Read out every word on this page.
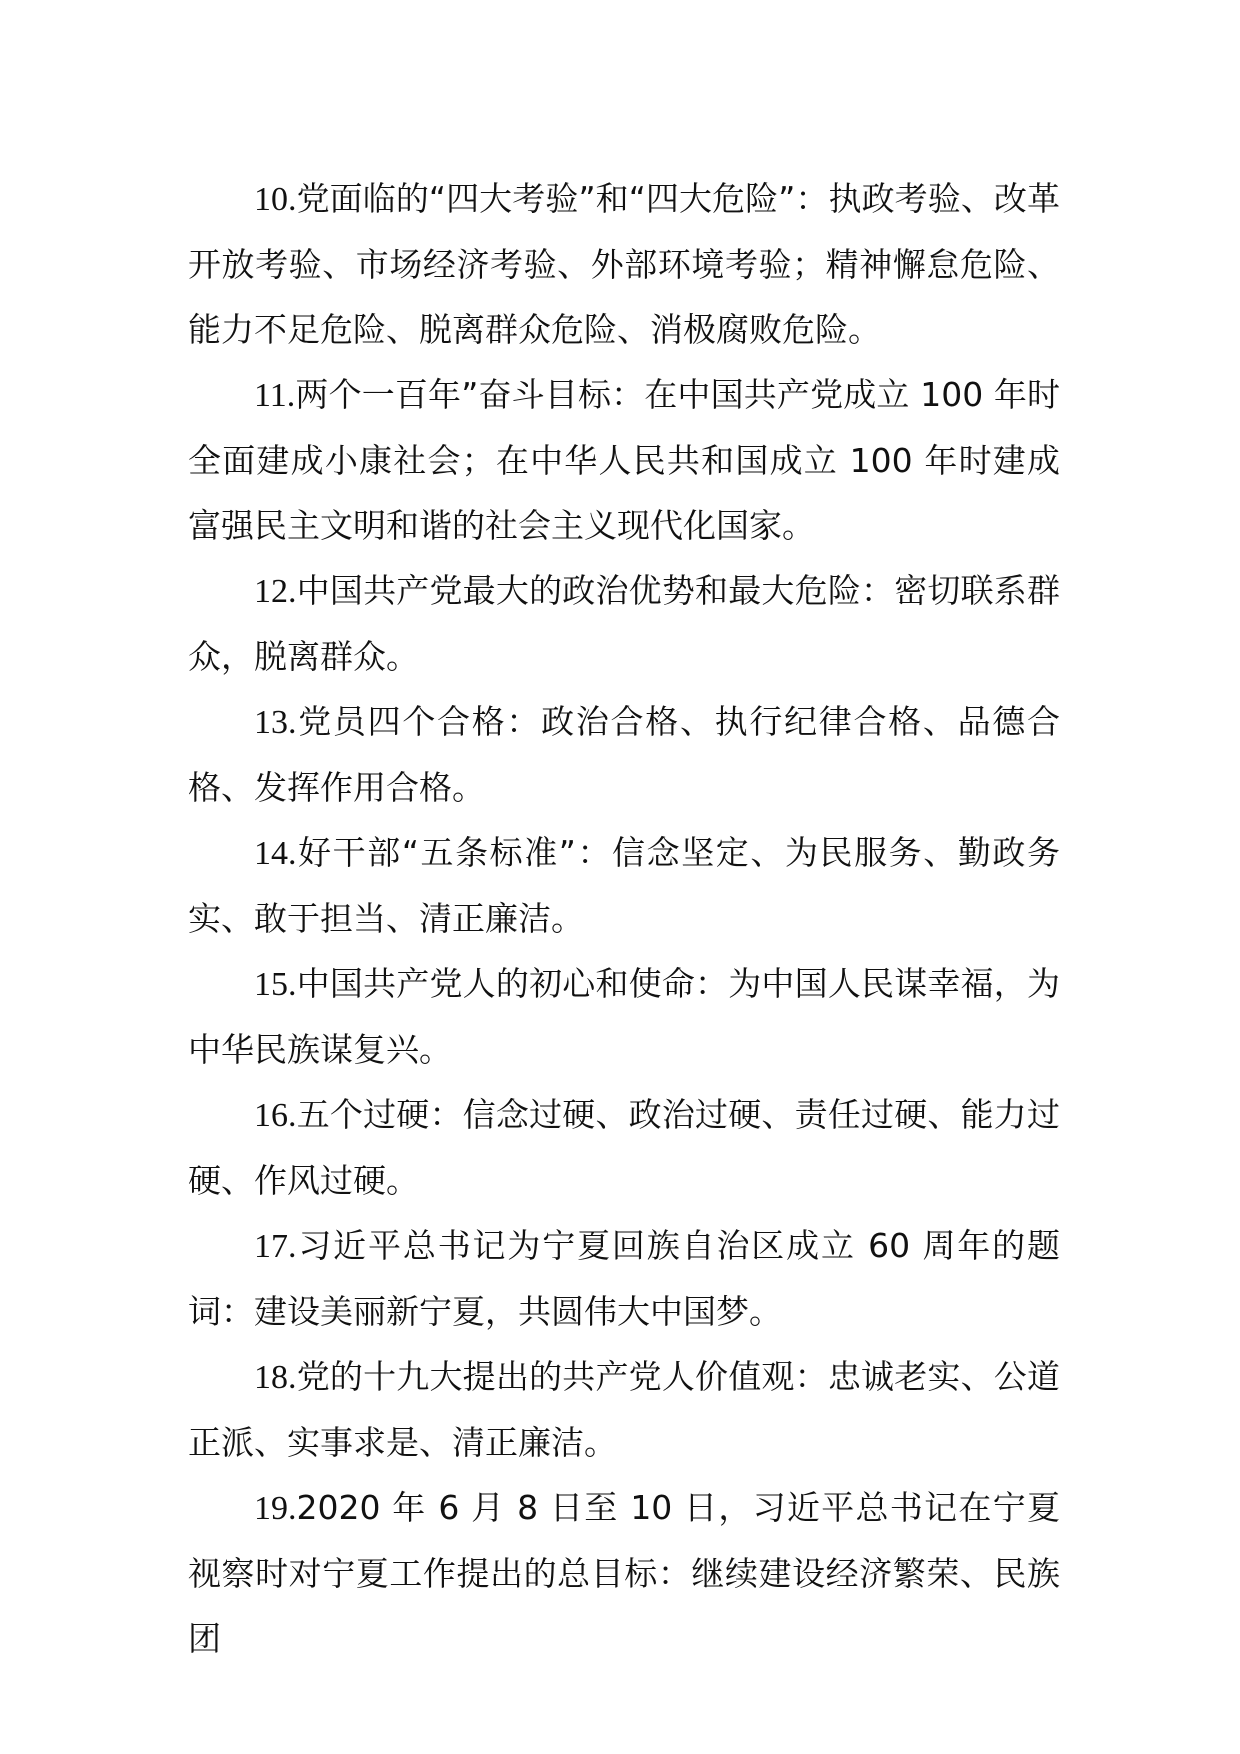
10.党面临的“四大考验”和“四大危险”：执政考验、改革开放考验、市场经济考验、外部环境考验；精神懈怠危险、能力不足危险、脱离群众危险、消极腐败危险。

11.两个一百年”奋斗目标：在中国共产党成立 100 年时全面建成小康社会；在中华人民共和国成立 100 年时建成富强民主文明和谐的社会主义现代化国家。

12.中国共产党最大的政治优势和最大危险：密切联系群众，脱离群众。

13.党员四个合格：政治合格、执行纪律合格、品德合格、发挥作用合格。

14.好干部“五条标准”：信念坚定、为民服务、勤政务实、敢于担当、清正廉洁。

15.中国共产党人的初心和使命：为中国人民谋幸福，为中华民族谋复兴。

16.五个过硬：信念过硬、政治过硬、责任过硬、能力过硬、作风过硬。

17.习近平总书记为宁夏回族自治区成立 60 周年的题词：建设美丽新宁夏，共圆伟大中国梦。

18.党的十九大提出的共产党人价值观：忠诚老实、公道正派、实事求是、清正廉洁。

19.2020 年 6 月 8 日至 10 日，习近平总书记在宁夏视察时对宁夏工作提出的总目标：继续建设经济繁荣、民族团
